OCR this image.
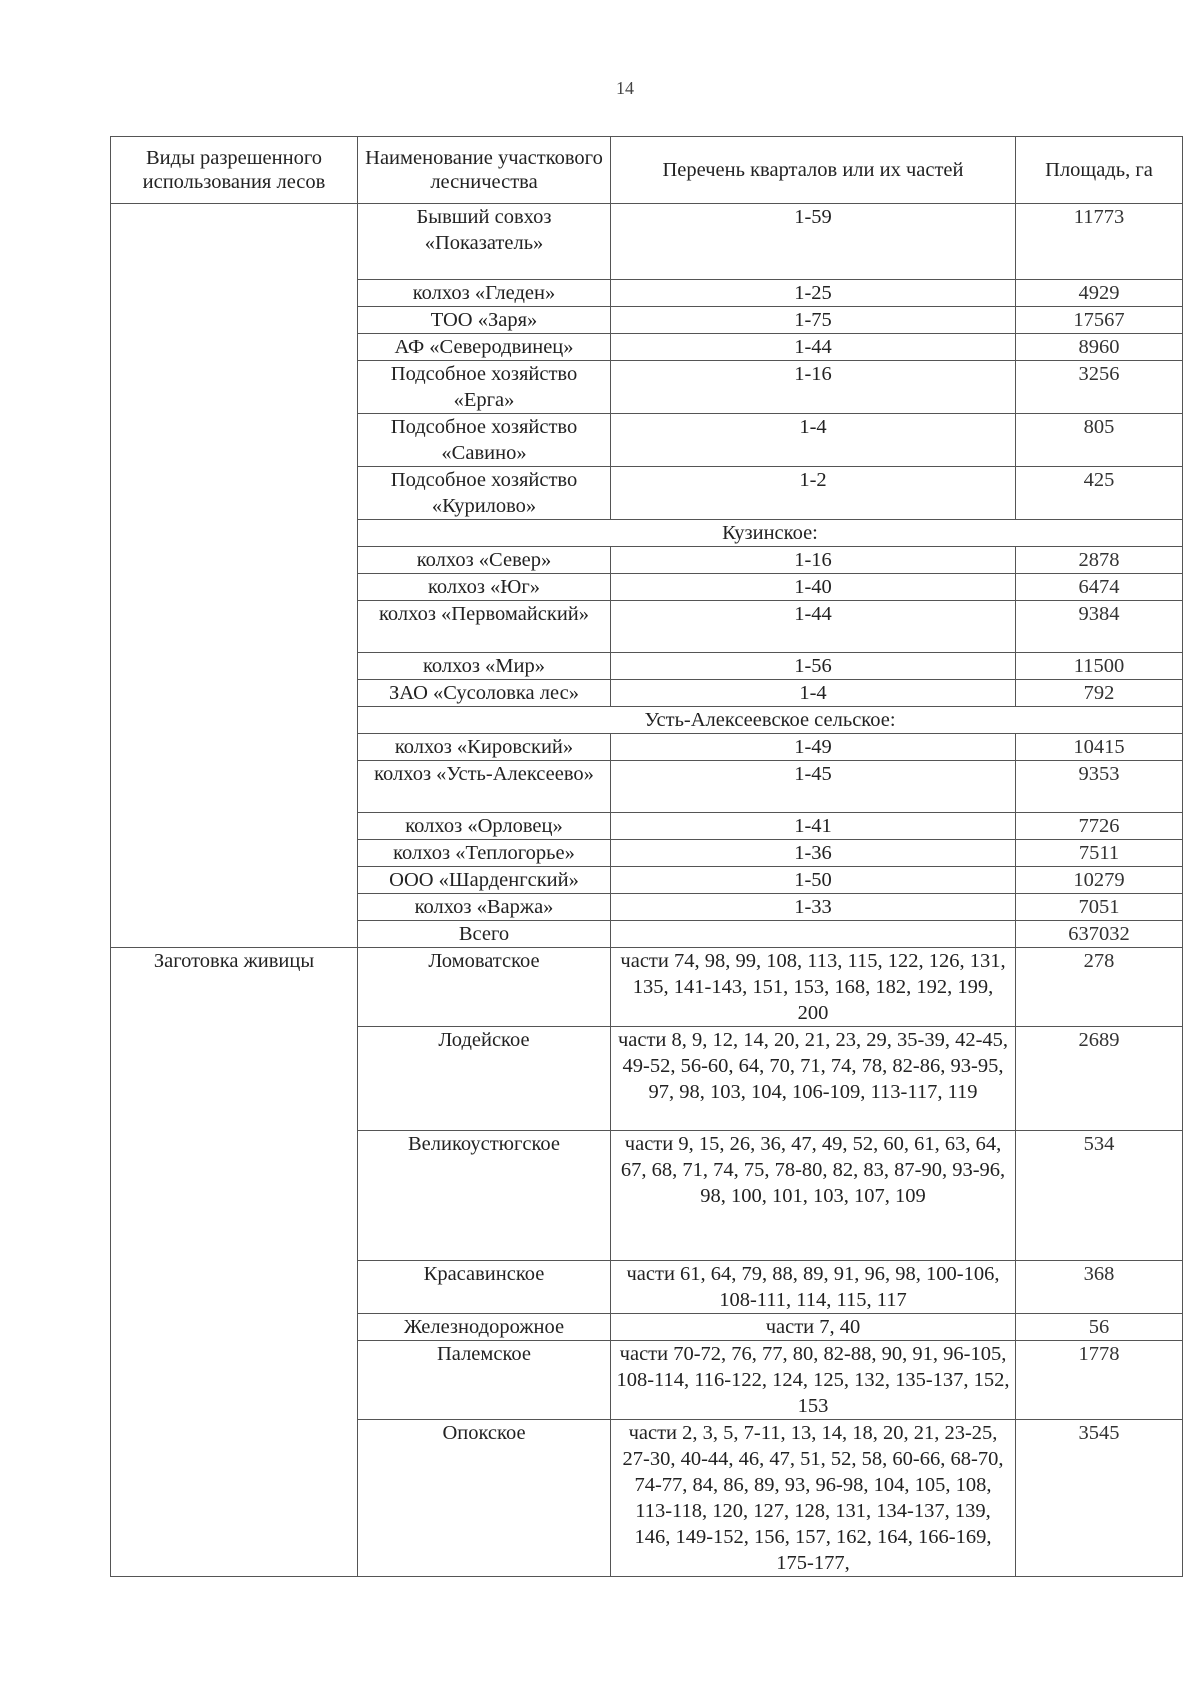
14
Виды разрешенного использования лесов	Наименование участкового лесничества	Перечень кварталов или их частей	Площадь, га
	Бывший совхоз «Показатель»	1-59	11773
	колхоз «Гледен»	1-25	4929
	ТОО «Заря»	1-75	17567
	АФ «Северодвинец»	1-44	8960
	Подсобное хозяйство «Ерга»	1-16	3256
	Подсобное хозяйство «Савино»	1-4	805
	Подсобное хозяйство «Курилово»	1-2	425
	Кузинское:		
	колхоз «Север»	1-16	2878
	колхоз «Юг»	1-40	6474
	колхоз «Первомайский»	1-44	9384
	колхоз «Мир»	1-56	11500
	ЗАО «Сусоловка лес»	1-4	792
	Усть-Алексеевское сельское:		
	колхоз «Кировский»	1-49	10415
	колхоз «Усть-Алексеево»	1-45	9353
	колхоз «Орловец»	1-41	7726
	колхоз «Теплогорье»	1-36	7511
	ООО «Шарденгский»	1-50	10279
	колхоз «Варжа»	1-33	7051
	Всего		637032
Заготовка живицы	Ломоватское	части 74, 98, 99, 108, 113, 115, 122, 126, 131, 135, 141-143, 151, 153, 168, 182, 192, 199, 200	278
	Лодейское	части 8, 9, 12, 14, 20, 21, 23, 29, 35-39, 42-45, 49-52, 56-60, 64, 70, 71, 74, 78, 82-86, 93-95, 97, 98, 103, 104, 106-109, 113-117, 119	2689
	Великоустюгское	части 9, 15, 26, 36, 47, 49, 52, 60, 61, 63, 64, 67, 68, 71, 74, 75, 78-80, 82, 83, 87-90, 93-96, 98, 100, 101, 103, 107, 109	534
	Красавинское	части 61, 64, 79, 88, 89, 91, 96, 98, 100-106, 108-111, 114, 115, 117	368
	Железнодорожное	части 7, 40	56
	Палемское	части 70-72, 76, 77, 80, 82-88, 90, 91, 96-105, 108-114, 116-122, 124, 125, 132, 135-137, 152, 153	1778
	Опокское	части 2, 3, 5, 7-11, 13, 14, 18, 20, 21, 23-25, 27-30, 40-44, 46, 47, 51, 52, 58, 60-66, 68-70, 74-77, 84, 86, 89, 93, 96-98, 104, 105, 108, 113-118, 120, 127, 128, 131, 134-137, 139, 146, 149-152, 156, 157, 162, 164, 166-169, 175-177,	3545
